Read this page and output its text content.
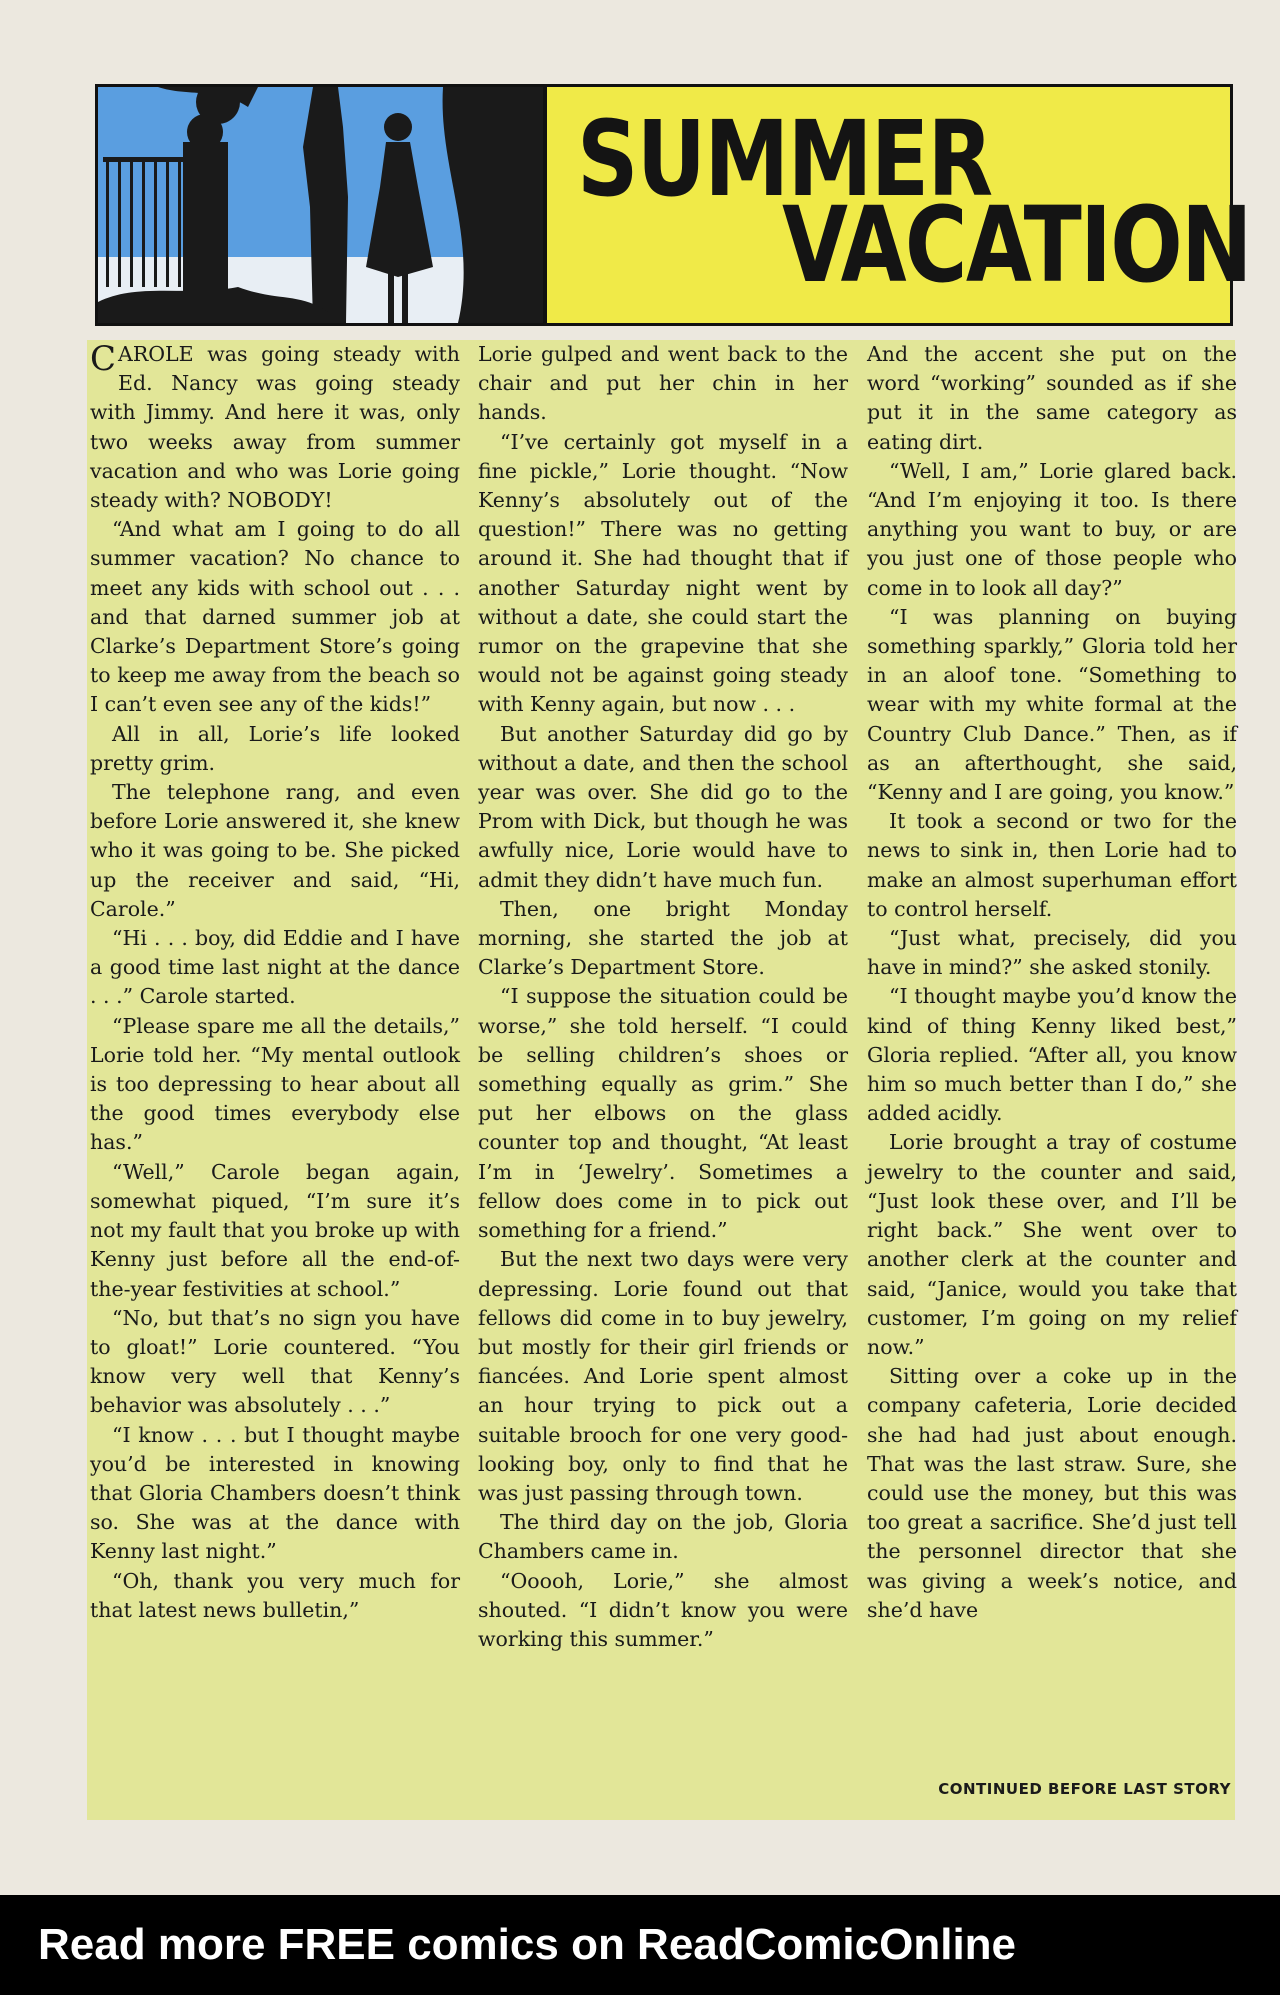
SUMMER
VACATION

CAROLE was going steady with Ed. Nancy was going steady with Jimmy. And here it was, only two weeks away from summer vacation and who was Lorie going steady with? NOBODY!

“And what am I going to do all summer vacation? No chance to meet any kids with school out . . . and that darned summer job at Clarke’s Department Store’s going to keep me away from the beach so I can’t even see any of the kids!”

All in all, Lorie’s life looked pretty grim.

The telephone rang, and even before Lorie answered it, she knew who it was going to be. She picked up the receiver and said, “Hi, Carole.”

“Hi . . . boy, did Eddie and I have a good time last night at the dance . . .” Carole started.

“Please spare me all the details,” Lorie told her. “My mental outlook is too depressing to hear about all the good times everybody else has.”

“Well,” Carole began again, somewhat piqued, “I’m sure it’s not my fault that you broke up with Kenny just before all the end-of-the-year festivities at school.”

“No, but that’s no sign you have to gloat!” Lorie countered. “You know very well that Kenny’s behavior was absolutely . . .”

“I know . . . but I thought maybe you’d be interested in knowing that Gloria Chambers doesn’t think so. She was at the dance with Kenny last night.”

“Oh, thank you very much for that latest news bulletin,”

Lorie gulped and went back to the chair and put her chin in her hands.

“I’ve certainly got myself in a fine pickle,” Lorie thought. “Now Kenny’s absolutely out of the question!” There was no getting around it. She had thought that if another Saturday night went by without a date, she could start the rumor on the grapevine that she would not be against going steady with Kenny again, but now . . .

But another Saturday did go by without a date, and then the school year was over. She did go to the Prom with Dick, but though he was awfully nice, Lorie would have to admit they didn’t have much fun.

Then, one bright Monday morning, she started the job at Clarke’s Department Store.

“I suppose the situation could be worse,” she told herself. “I could be selling children’s shoes or something equally as grim.” She put her elbows on the glass counter top and thought, “At least I’m in ‘Jewelry’. Sometimes a fellow does come in to pick out something for a friend.”

But the next two days were very depressing. Lorie found out that fellows did come in to buy jewelry, but mostly for their girl friends or fiancées. And Lorie spent almost an hour trying to pick out a suitable brooch for one very good-looking boy, only to find that he was just passing through town.

The third day on the job, Gloria Chambers came in.

“Ooooh, Lorie,” she almost shouted. “I didn’t know you were working this summer.”

And the accent she put on the word “working” sounded as if she put it in the same category as eating dirt.

“Well, I am,” Lorie glared back. “And I’m enjoying it too. Is there anything you want to buy, or are you just one of those people who come in to look all day?”

“I was planning on buying something sparkly,” Gloria told her in an aloof tone. “Something to wear with my white formal at the Country Club Dance.” Then, as if as an afterthought, she said, “Kenny and I are going, you know.”

It took a second or two for the news to sink in, then Lorie had to make an almost superhuman effort to control herself.

“Just what, precisely, did you have in mind?” she asked stonily.

“I thought maybe you’d know the kind of thing Kenny liked best,” Gloria replied. “After all, you know him so much better than I do,” she added acidly.

Lorie brought a tray of costume jewelry to the counter and said, “Just look these over, and I’ll be right back.” She went over to another clerk at the counter and said, “Janice, would you take that customer, I’m going on my relief now.”

Sitting over a coke up in the company cafeteria, Lorie decided she had had just about enough. That was the last straw. Sure, she could use the money, but this was too great a sacrifice. She’d just tell the personnel director that she was giving a week’s notice, and she’d have

CONTINUED BEFORE LAST STORY
Read more FREE comics on ReadComicOnline
